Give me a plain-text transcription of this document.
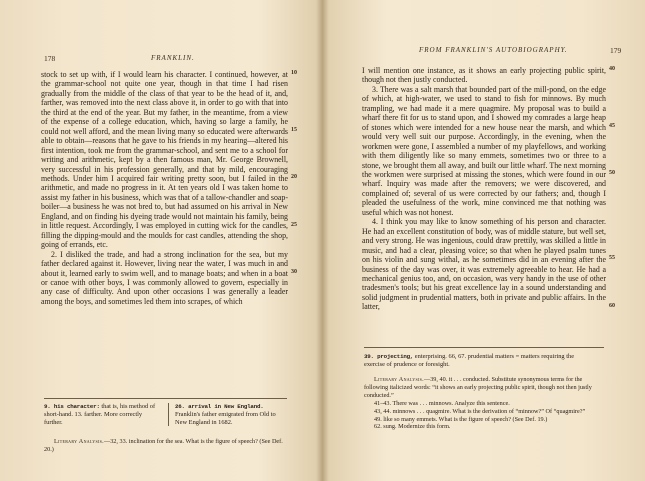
178	FRANKLIN.

stock to set up with, if I would learn his character. I continued, however, at the grammar-school not quite one year, though in that time I had risen gradually from the middle of the class of that year to be the head of it, and, farther, was removed into the next class above it, in order to go with that into the third at the end of the year. But my father, in the meantime, from a view of the expense of a college education, which, having so large a family, he could not well afford, and the mean living many so educated were afterwards able to obtain—reasons that he gave to his friends in my hearing—altered his first intention, took me from the grammar-school, and sent me to a school for writing and arithmetic, kept by a then famous man, Mr. George Brownell, very successful in his profession generally, and that by mild, encouraging methods. Under him I acquired fair writing pretty soon, but I failed in the arithmetic, and made no progress in it. At ten years old I was taken home to assist my father in his business, which was that of a tallow-chandler and soap-boiler—a business he was not bred to, but had assumed on his arrival in New England, and on finding his dyeing trade would not maintain his family, being in little request. Accordingly, I was employed in cutting wick for the candles, filling the dipping-mould and the moulds for cast candles, attending the shop, going of errands, etc.

2. I disliked the trade, and had a strong inclination for the sea, but my father declared against it. However, living near the water, I was much in and about it, learned early to swim well, and to manage boats; and when in a boat or canoe with other boys, I was commonly allowed to govern, especially in any case of difficulty. And upon other occasions I was generally a leader among the boys, and sometimes led them into scrapes, of which

10
15
20
25
30
9. his character: that is, his method of short-hand. 13. farther. More correctly further.
26. arrival in New England. Franklin's father emigrated from Old to New England in 1682.

Literary Analysis.—32, 33. inclination for the sea. What is the figure of speech? (See Def. 20.)

FROM FRANKLIN'S AUTOBIOGRAPHY.	179

I will mention one instance, as it shows an early projecting public spirit, though not then justly conducted.

3. There was a salt marsh that bounded part of the mill-pond, on the edge of which, at high-water, we used to stand to fish for minnows. By much trampling, we had made it a mere quagmire. My proposal was to build a wharf there fit for us to stand upon, and I showed my comrades a large heap of stones which were intended for a new house near the marsh, and which would very well suit our purpose. Accordingly, in the evening, when the workmen were gone, I assembled a number of my playfellows, and working with them diligently like so many emmets, sometimes two or three to a stone, we brought them all away, and built our little wharf. The next morning the workmen were surprised at missing the stones, which were found in our wharf. Inquiry was made after the removers; we were discovered, and complained of; several of us were corrected by our fathers; and, though I pleaded the usefulness of the work, mine convinced me that nothing was useful which was not honest.

4. I think you may like to know something of his person and character. He had an excellent constitution of body, was of middle stature, but well set, and very strong. He was ingenious, could draw prettily, was skilled a little in music, and had a clear, pleasing voice; so that when he played psalm tunes on his violin and sung withal, as he sometimes did in an evening after the business of the day was over, it was extremely agreeable to hear. He had a mechanical genius too, and, on occasion, was very handy in the use of other tradesmen's tools; but his great excellence lay in a sound understanding and solid judgment in prudential matters, both in private and public affairs. In the latter,

40
45
50
55
60
39. projecting, enterprising. 66, 67. prudential matters = matters requiring the exercise of prudence or foresight.

Literary Analysis.—39, 40. it . . . conducted. Substitute synonymous terms for the following italicized words: “it shows an early projecting public spirit, though not then justly conducted.”

41–43. There was . . . minnows. Analyze this sentence.

43, 44. minnows . . . quagmire. What is the derivation of “minnow?” Of “quagmire?”

49. like so many emmets. What is the figure of speech? (See Def. 19.)

62. sung. Modernize this form.
